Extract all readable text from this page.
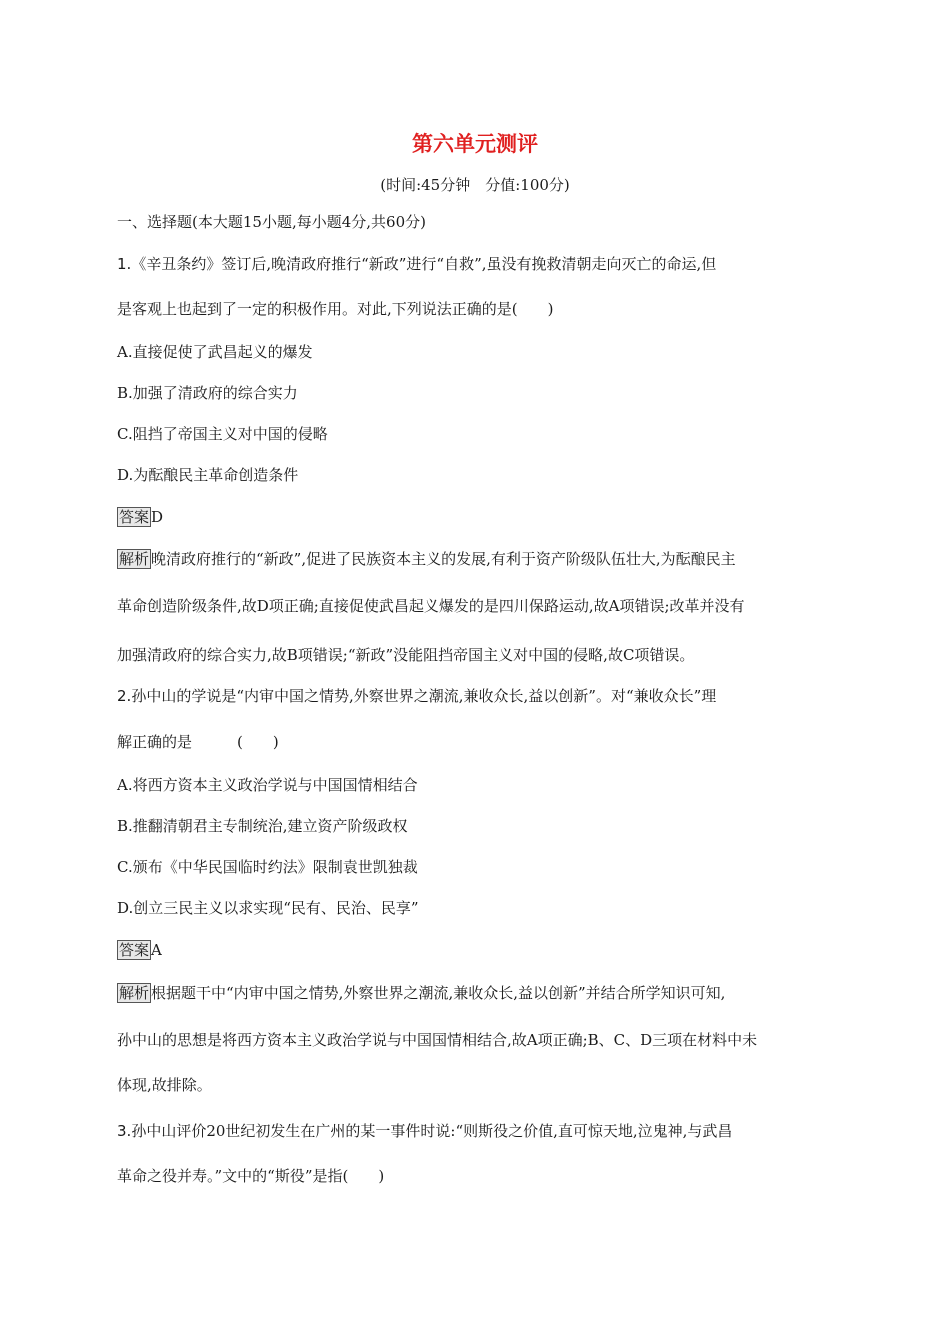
第六单元测评
(时间:45分钟　分值:100分)
一、选择题(本大题15小题,每小题4分,共60分)
1.《辛丑条约》签订后,晚清政府推行“新政”进行“自救”,虽没有挽救清朝走向灭亡的命运,但
是客观上也起到了一定的积极作用。对此,下列说法正确的是(　　)
A.直接促使了武昌起义的爆发
B.加强了清政府的综合实力
C.阻挡了帝国主义对中国的侵略
D.为酝酿民主革命创造条件
答案 D
解析 晚清政府推行的“新政”,促进了民族资本主义的发展,有利于资产阶级队伍壮大,为酝酿民主
革命创造阶级条件,故D项正确;直接促使武昌起义爆发的是四川保路运动,故A项错误;改革并没有
加强清政府的综合实力,故B项错误;“新政”没能阻挡帝国主义对中国的侵略,故C项错误。
2.孙中山的学说是“内审中国之情势,外察世界之潮流,兼收众长,益以创新”。对“兼收众长”理
解正确的是　　　(　　)
A.将西方资本主义政治学说与中国国情相结合
B.推翻清朝君主专制统治,建立资产阶级政权
C.颁布《中华民国临时约法》限制袁世凯独裁
D.创立三民主义以求实现“民有、民治、民享”
答案 A
解析 根据题干中“内审中国之情势,外察世界之潮流,兼收众长,益以创新”并结合所学知识可知,
孙中山的思想是将西方资本主义政治学说与中国国情相结合,故A项正确;B、C、D三项在材料中未
体现,故排除。
3.孙中山评价20世纪初发生在广州的某一事件时说:“则斯役之价值,直可惊天地,泣鬼神,与武昌
革命之役并寿。”文中的“斯役”是指(　　)
